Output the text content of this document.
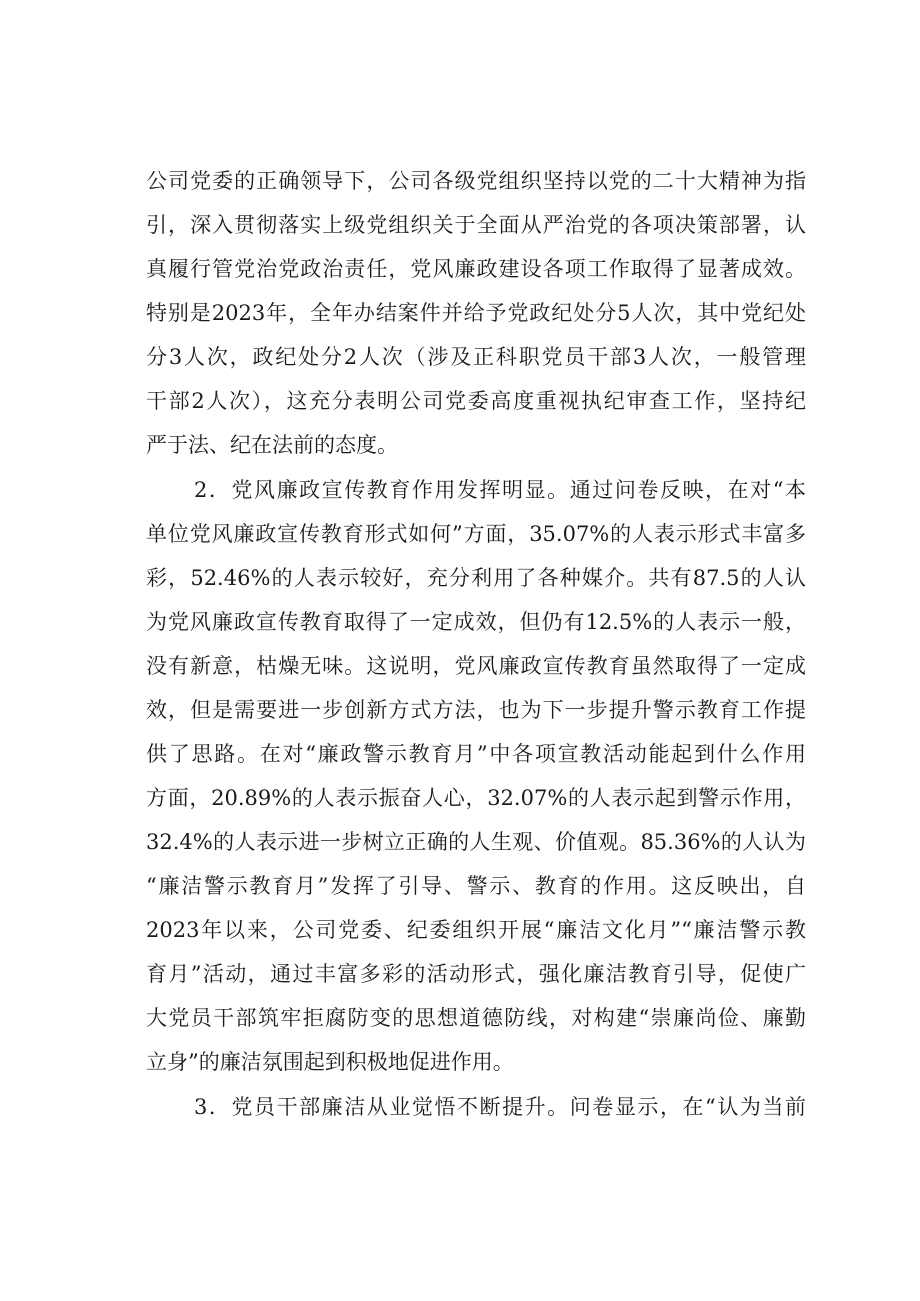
公司党委的正确领导下，公司各级党组织坚持以党的二十大精神为指
引，深入贯彻落实上级党组织关于全面从严治党的各项决策部署，认
真履行管党治党政治责任，党风廉政建设各项工作取得了显著成效。
特别是2023年，全年办结案件并给予党政纪处分5人次，其中党纪处
分3人次，政纪处分2人次（涉及正科职党员干部3人次，一般管理
干部2人次），这充分表明公司党委高度重视执纪审查工作，坚持纪
严于法、纪在法前的态度。
2．党风廉政宣传教育作用发挥明显。通过问卷反映，在对“本
单位党风廉政宣传教育形式如何”方面，35.07%的人表示形式丰富多
彩，52.46%的人表示较好，充分利用了各种媒介。共有87.5的人认
为党风廉政宣传教育取得了一定成效，但仍有12.5%的人表示一般，
没有新意，枯燥无味。这说明，党风廉政宣传教育虽然取得了一定成
效，但是需要进一步创新方式方法，也为下一步提升警示教育工作提
供了思路。在对“廉政警示教育月”中各项宣教活动能起到什么作用
方面，20.89%的人表示振奋人心，32.07%的人表示起到警示作用，
32.4%的人表示进一步树立正确的人生观、价值观。85.36%的人认为
“廉洁警示教育月”发挥了引导、警示、教育的作用。这反映出，自
2023年以来，公司党委、纪委组织开展“廉洁文化月”“廉洁警示教
育月”活动，通过丰富多彩的活动形式，强化廉洁教育引导，促使广
大党员干部筑牢拒腐防变的思想道德防线，对构建“崇廉尚俭、廉勤
立身”的廉洁氛围起到积极地促进作用。
3．党员干部廉洁从业觉悟不断提升。问卷显示，在“认为当前
